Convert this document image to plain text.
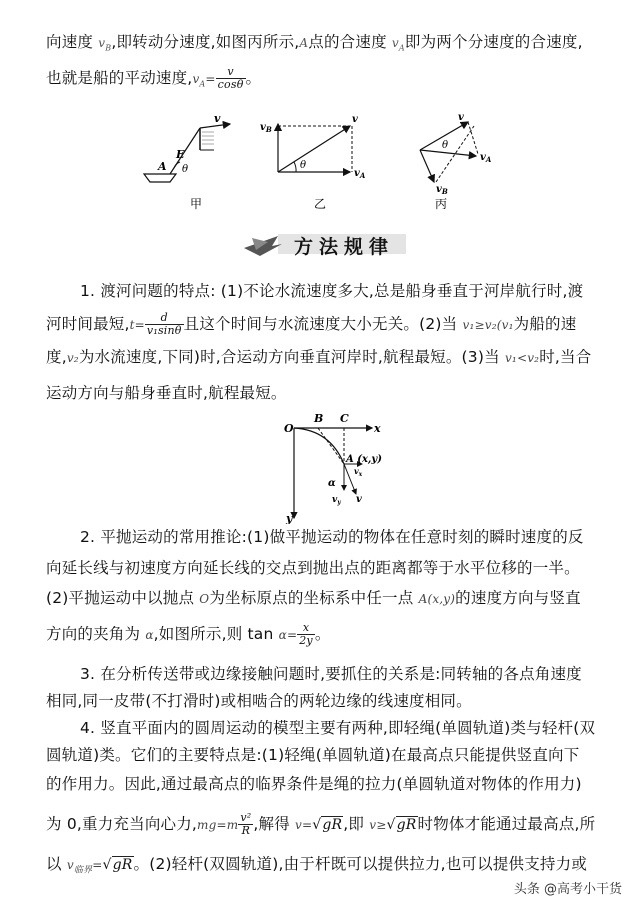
向速度 $v_B$,即转动分速度,如图丙所示,A点的合速度 $v_A$即为两个分速度的合速度,
也就是船的平动速度$,v_A= \frac{v}{\cos\theta}$ 。
A
E
θ
v
甲
$v_B$
v
$v_A$
θ
乙
v
$v_A$
$v_B$
θ
丙
方法规律
1. 渡河问题的特点: (1)不论水流速度多大,总是船身垂直于河岸航行时,渡
河时间最短$,t= \frac{d}{\text{v₁sinθ}}$ 且这个时间与水流速度大小无关。(2)当 v₁≥v₂(v₁为船的速
度,v₂为水流速度,下同)时,合运动方向垂直河岸时,航程最短。(3)当 v₁<v₂时,当合
运动方向与船身垂直时,航程最短。
O
B C
x
y
A (x,y)
$v_x$
α
$v_y$ v
2. 平抛运动的常用推论:(1)做平抛运动的物体在任意时刻的瞬时速度的反
向延长线与初速度方向延长线的交点到抛出点的距离都等于水平位移的一半。
(2)平抛运动中以抛点 O为坐标原点的坐标系中任一点 A(x,y)的速度方向与竖直
方向的夹角为 α,如图所示,则 $\tan \alpha= \frac{x}{2y}$ 。
3. 在分析传送带或边缘接触问题时,要抓住的关系是:同转轴的各点角速度
相同,同一皮带(不打滑时)或相啮合的两轮边缘的线速度相同。
4. 竖直平面内的圆周运动的模型主要有两种,即轻绳(单圆轨道)类与轻杆(双
圆轨道)类。它们的主要特点是:(1)轻绳(单圆轨道)在最高点只能提供竖直向下
的作用力。因此,通过最高点的临界条件是绳的拉力(单圆轨道对物体的作用力)
为 0,重力充当向心力$,mg=m \frac{\text{v²}}{R}$ ,解得 v=√gR,即 v≥√gR时物体才能通过最高点,所
以 $v_{临界}=√gR$。(2)轻杆(双圆轨道),由于杆既可以提供拉力,也可以提供支持力或
头条 @高考小干货
